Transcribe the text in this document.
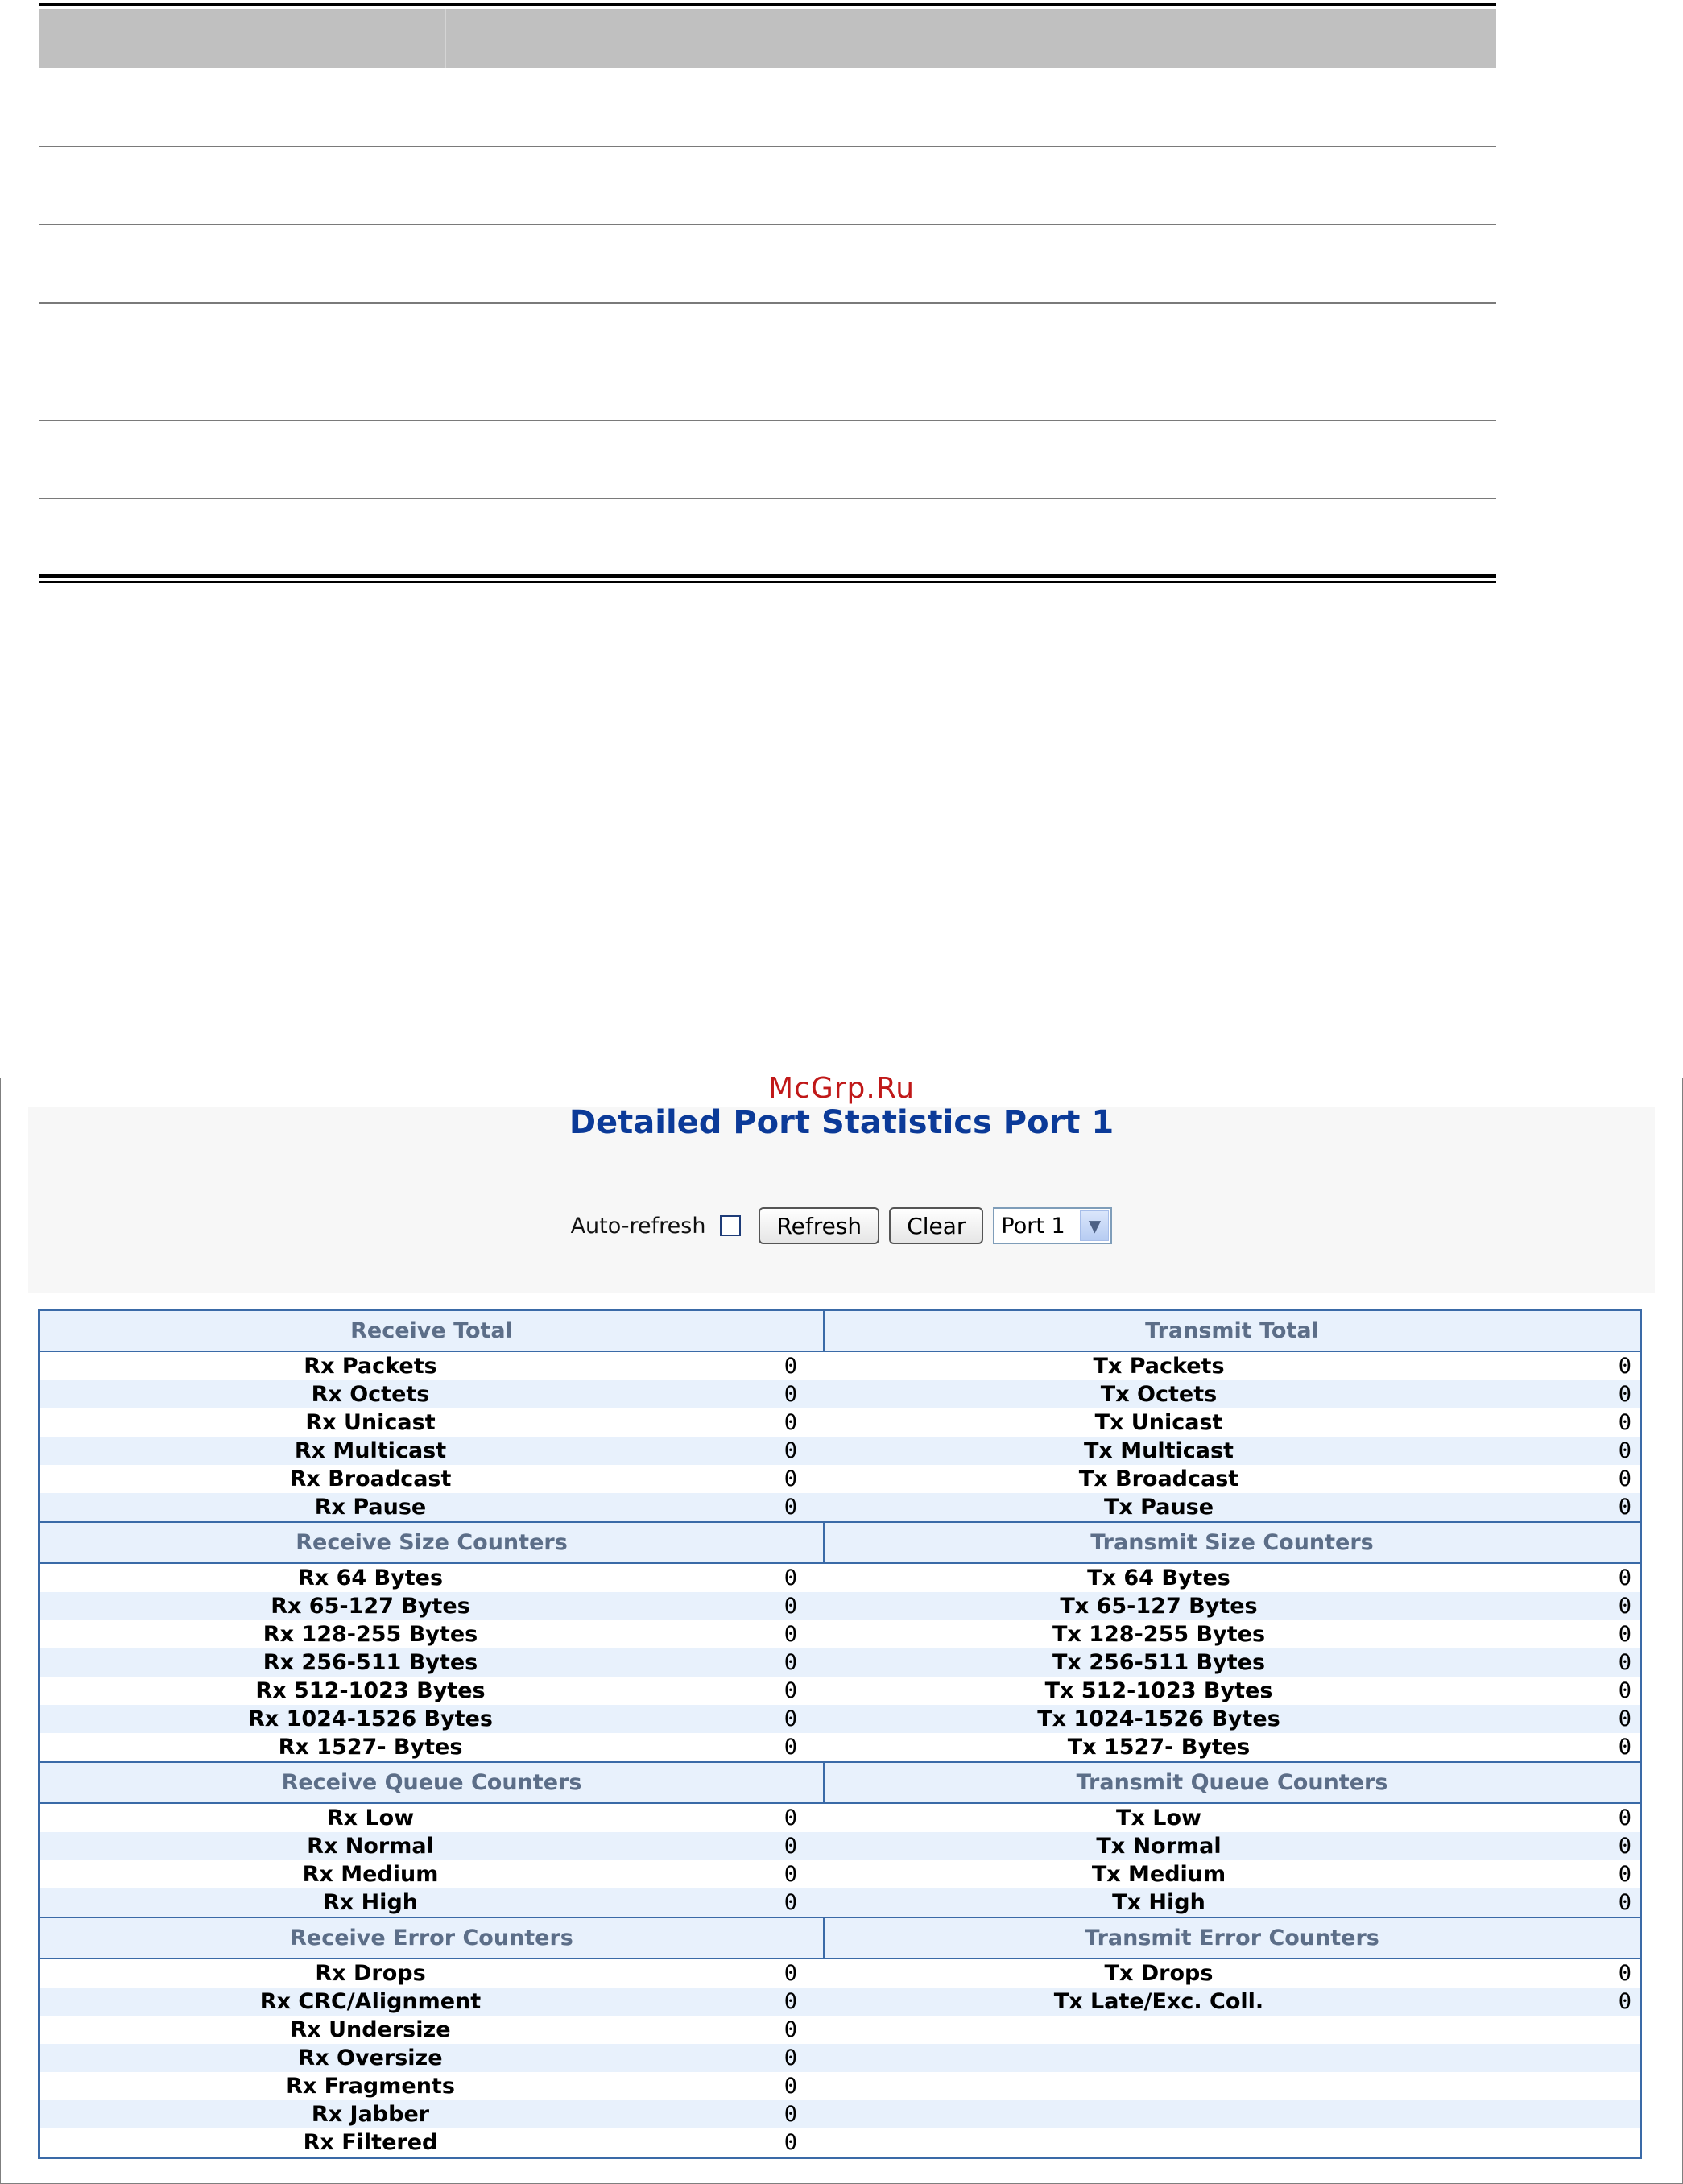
McGrp.Ru
Detailed Port Statistics Port 1
Auto-refresh	Refresh	Clear	Port 1	▼
Receive Total	Transmit Total
Rx Packets	0	Tx Packets	0
Rx Octets	0	Tx Octets	0
Rx Unicast	0	Tx Unicast	0
Rx Multicast	0	Tx Multicast	0
Rx Broadcast	0	Tx Broadcast	0
Rx Pause	0	Tx Pause	0
Receive Size Counters	Transmit Size Counters
Rx 64 Bytes	0	Tx 64 Bytes	0
Rx 65-127 Bytes	0	Tx 65-127 Bytes	0
Rx 128-255 Bytes	0	Tx 128-255 Bytes	0
Rx 256-511 Bytes	0	Tx 256-511 Bytes	0
Rx 512-1023 Bytes	0	Tx 512-1023 Bytes	0
Rx 1024-1526 Bytes	0	Tx 1024-1526 Bytes	0
Rx 1527- Bytes	0	Tx 1527- Bytes	0
Receive Queue Counters	Transmit Queue Counters
Rx Low	0	Tx Low	0
Rx Normal	0	Tx Normal	0
Rx Medium	0	Tx Medium	0
Rx High	0	Tx High	0
Receive Error Counters	Transmit Error Counters
Rx Drops	0	Tx Drops	0
Rx CRC/Alignment	0	Tx Late/Exc. Coll.	0
Rx Undersize	0
Rx Oversize	0
Rx Fragments	0
Rx Jabber	0
Rx Filtered	0
